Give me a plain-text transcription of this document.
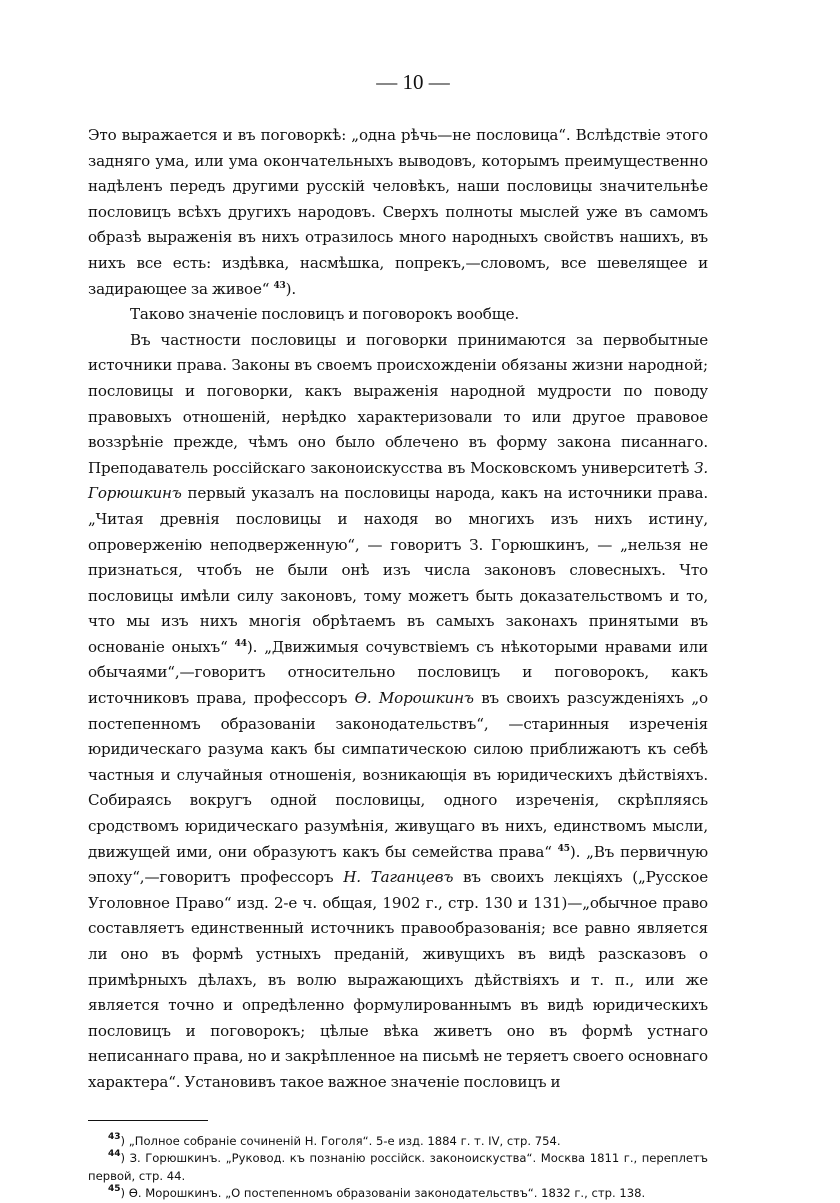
— 10 —

Это выражается и въ поговоркѣ: „одна рѣчь—не пословица“. Вслѣдствіе этого задняго ума, или ума окончательныхъ выводовъ, которымъ преимущественно надѣленъ передъ другими русскій человѣкъ, наши пословицы значительнѣе пословицъ всѣхъ другихъ народовъ. Сверхъ полноты мыслей уже въ самомъ образѣ выраженія въ нихъ отразилось много народныхъ свойствъ нашихъ, въ нихъ все есть: издѣвка, насмѣшка, попрекъ,—словомъ, все шевелящее и задирающее за живое“ $^{43}$).

Таково значеніе пословицъ и поговорокъ вообще.

Въ частности пословицы и поговорки принимаются за первобытные источники права. Законы въ своемъ происхожденіи обязаны жизни народной; пословицы и поговорки, какъ выраженія народной мудрости по поводу правовыхъ отношеній, нерѣдко характеризовали то или другое правовое воззрѣніе прежде, чѣмъ оно было облечено въ форму закона писаннаго. Преподаватель россійскаго законоискусства въ Московскомъ университетѣ З. Горюшкинъ первый указалъ на пословицы народа, какъ на источники права. „Читая древнія пословицы и находя во многихъ изъ нихъ истину, опроверженію неподверженную“, — говоритъ З. Горюшкинъ, — „нельзя не признаться, чтобъ не были онѣ изъ числа законовъ словесныхъ. Что пословицы имѣли силу законовъ, тому можетъ быть доказательствомъ и то, что мы изъ нихъ многія обрѣтаемъ въ самыхъ законахъ принятыми въ основаніе оныхъ“ $^{44}$). „Движимыя сочувствіемъ съ нѣкоторыми нравами или обычаями“,—говоритъ относительно пословицъ и поговорокъ, какъ источниковъ права, профессоръ Ѳ. Морошкинъ въ своихъ разсужденіяхъ „о постепенномъ образованіи законодательствъ“, —старинныя изреченія юридическаго разума какъ бы симпатическою силою приближаютъ къ себѣ частныя и случайныя отношенія, возникающія въ юридическихъ дѣйствіяхъ. Собираясь вокругъ одной пословицы, одного изреченія, скрѣпляясь сродствомъ юридическаго разумѣнія, живущаго въ нихъ, единствомъ мысли, движущей ими, они образуютъ какъ бы семейства права“ $^{45}$). „Въ первичную эпоху“,—говоритъ профессоръ Н. Таганцевъ въ своихъ лекціяхъ („Русское Уголовное Право“ изд. 2-е ч. общая, 1902 г., стр. 130 и 131)—„обычное право составляетъ единственный источникъ правообразованія; все равно является ли оно въ формѣ устныхъ преданій, живущихъ въ видѣ разсказовъ о примѣрныхъ дѣлахъ, въ волю выражающихъ дѣйствіяхъ и т. п., или же является точно и опредѣленно формулированнымъ въ видѣ юридическихъ пословицъ и поговорокъ; цѣлые вѣка живетъ оно въ формѣ устнаго неписаннаго права, но и закрѣпленное на письмѣ не теряетъ своего основнаго характера“. Установивъ такое важное значеніе пословицъ и

$^{43}$) „Полное собраніе сочиненій Н. Гоголя“. 5-е изд. 1884 г. т. IV, стр. 754.

$^{44}$) З. Горюшкинъ. „Руковод. къ познанію россійск. законоискуства“. Москва 1811 г., переплетъ первой, стр. 44.

$^{45}$) Ѳ. Морошкинъ. „О постепенномъ образованіи законодательствъ“. 1832 г., стр. 138.
